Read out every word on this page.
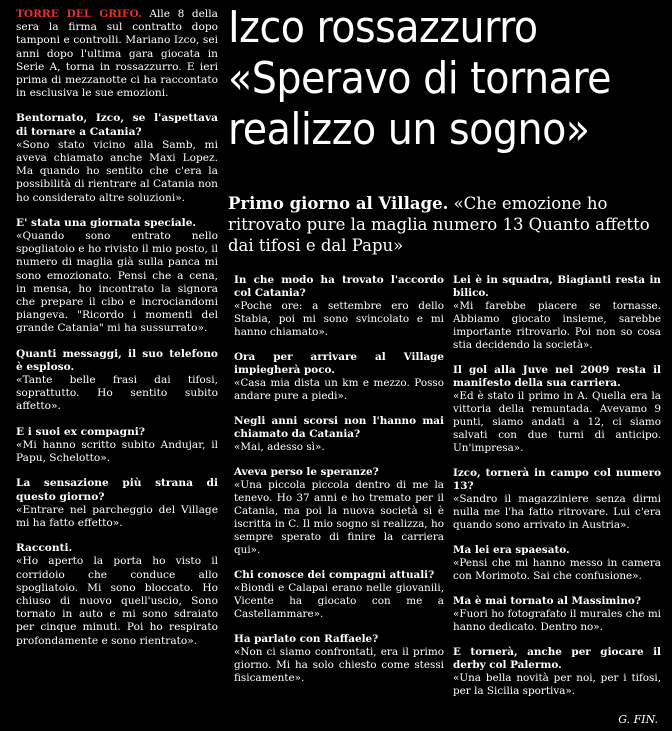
TORRE DEL GRIFO. Alle 8 della sera la firma sul contratto dopo tamponi e controlli. Mariano Izco, sei anni dopo l'ultima gara giocata in Serie A, torna in rossazzurro. E ieri prima di mezzanotte ci ha raccontato in esclusiva le sue emozioni.

Bentornato, Izco, se l'aspettava di tornare a Catania?
«Sono stato vicino alla Samb, mi aveva chiamato anche Maxi Lopez. Ma quando ho sentito che c'era la possibilità di rientrare al Catania non ho considerato altre soluzioni».

E' stata una giornata speciale.
«Quando sono entrato nello spogliatoio e ho rivisto il mio posto, il numero di maglia già sulla panca mi sono emozionato. Pensi che a cena, in mensa, ho incontrato la signora che prepare il cibo e incrociandomi piangeva. "Ricordo i momenti del grande Catania" mi ha sussurrato».

Quanti messaggi, il suo telefono è esploso.
«Tante belle frasi dai tifosi, soprattutto. Ho sentito subito affetto».

E i suoi ex compagni?
«Mi hanno scritto subito Andujar, il Papu, Schelotto».

La sensazione più strana di questo giorno?
«Entrare nel parcheggio del Village mi ha fatto effetto».

Racconti.
«Ho aperto la porta ho visto il corridoio che conduce allo spogliatoio. Mi sono bloccato. Ho chiuso di nuovo quell'uscio, Sono tornato in auto e mi sono sdraiato per cinque minuti. Poi ho respirato profondamente e sono rientrato».

Izco rossazzurro
«Speravo di tornare
realizzo un sogno»
Primo giorno al Village. «Che emozione ho ritrovato pure la maglia numero 13 Quanto affetto dai tifosi e dal Papu»

In che modo ha trovato l'accordo col Catania?
«Poche ore: a settembre ero dello Stabia, poi mi sono svincolato e mi hanno chiamato».

Ora per arrivare al Village impiegherà poco.
«Casa mia dista un km e mezzo. Posso andare pure a piedi».

Negli anni scorsi non l'hanno mai chiamato da Catania?
«Mai, adesso sì».

Aveva perso le speranze?
«Una piccola piccola dentro di me la tenevo. Ho 37 anni e ho tremato per il Catania, ma poi la nuova società si è iscritta in C. Il mio sogno si realizza, ho sempre sperato di finire la carriera qui».

Chi conosce dei compagni attuali?
«Biondi e Calapai erano nelle giovanili, Vicente ha giocato con me a Castellammare».

Ha parlato con Raffaele?
«Non ci siamo confrontati, era il primo giorno. Mi ha solo chiesto come stessi fisicamente».

Lei è in squadra, Biagianti resta in bilico.
«Mi farebbe piacere se tornasse. Abbiamo giocato insieme, sarebbe importante ritrovarlo. Poi non so cosa stia decidendo la società».

Il gol alla Juve nel 2009 resta il manifesto della sua carriera.
«Ed è stato il primo in A. Quella era la vittoria della remuntada. Avevamo 9 punti, siamo andati a 12, ci siamo salvati con due turni di anticipo. Un'impresa».

Izco, tornerà in campo col numero 13?
«Sandro il magazziniere senza dirmi nulla me l'ha fatto ritrovare. Lui c'era quando sono arrivato in Austria».

Ma lei era spaesato.
«Pensi che mi hanno messo in camera con Morimoto. Sai che confusione».

Ma è mai tornato al Massimino?
«Fuori ho fotografato il murales che mi hanno dedicato. Dentro no».

E tornerà, anche per giocare il derby col Palermo.
«Una bella novità per noi, per i tifosi, per la Sicilia sportiva».

G. FIN.
